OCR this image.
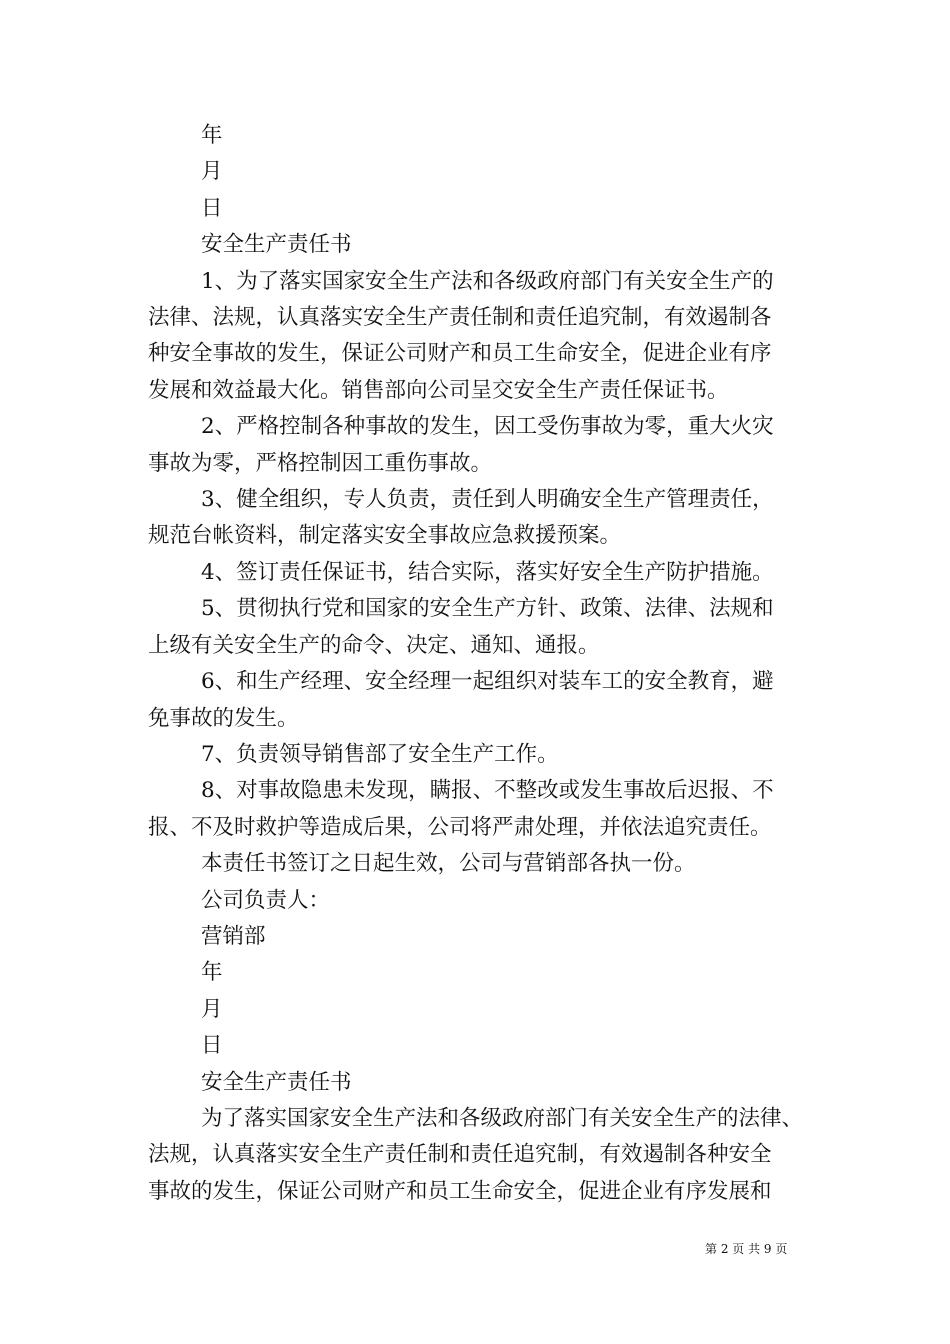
年

月

日

安全生产责任书

1、为了落实国家安全生产法和各级政府部门有关安全生产的

法律、法规，认真落实安全生产责任制和责任追究制，有效遏制各

种安全事故的发生，保证公司财产和员工生命安全，促进企业有序

发展和效益最大化。销售部向公司呈交安全生产责任保证书。

2、严格控制各种事故的发生，因工受伤事故为零，重大火灾

事故为零，严格控制因工重伤事故。

3、健全组织，专人负责，责任到人明确安全生产管理责任，

规范台帐资料，制定落实安全事故应急救援预案。

4、签订责任保证书，结合实际，落实好安全生产防护措施。

5、贯彻执行党和国家的安全生产方针、政策、法律、法规和

上级有关安全生产的命令、决定、通知、通报。

6、和生产经理、安全经理一起组织对装车工的安全教育，避

免事故的发生。

7、负责领导销售部了安全生产工作。

8、对事故隐患未发现，瞒报、不整改或发生事故后迟报、不

报、不及时救护等造成后果，公司将严肃处理，并依法追究责任。

本责任书签订之日起生效，公司与营销部各执一份。

公司负责人：

营销部

年

月

日

安全生产责任书

为了落实国家安全生产法和各级政府部门有关安全生产的法律、

法规，认真落实安全生产责任制和责任追究制，有效遏制各种安全

事故的发生，保证公司财产和员工生命安全，促进企业有序发展和

第 2 页 共 9 页
